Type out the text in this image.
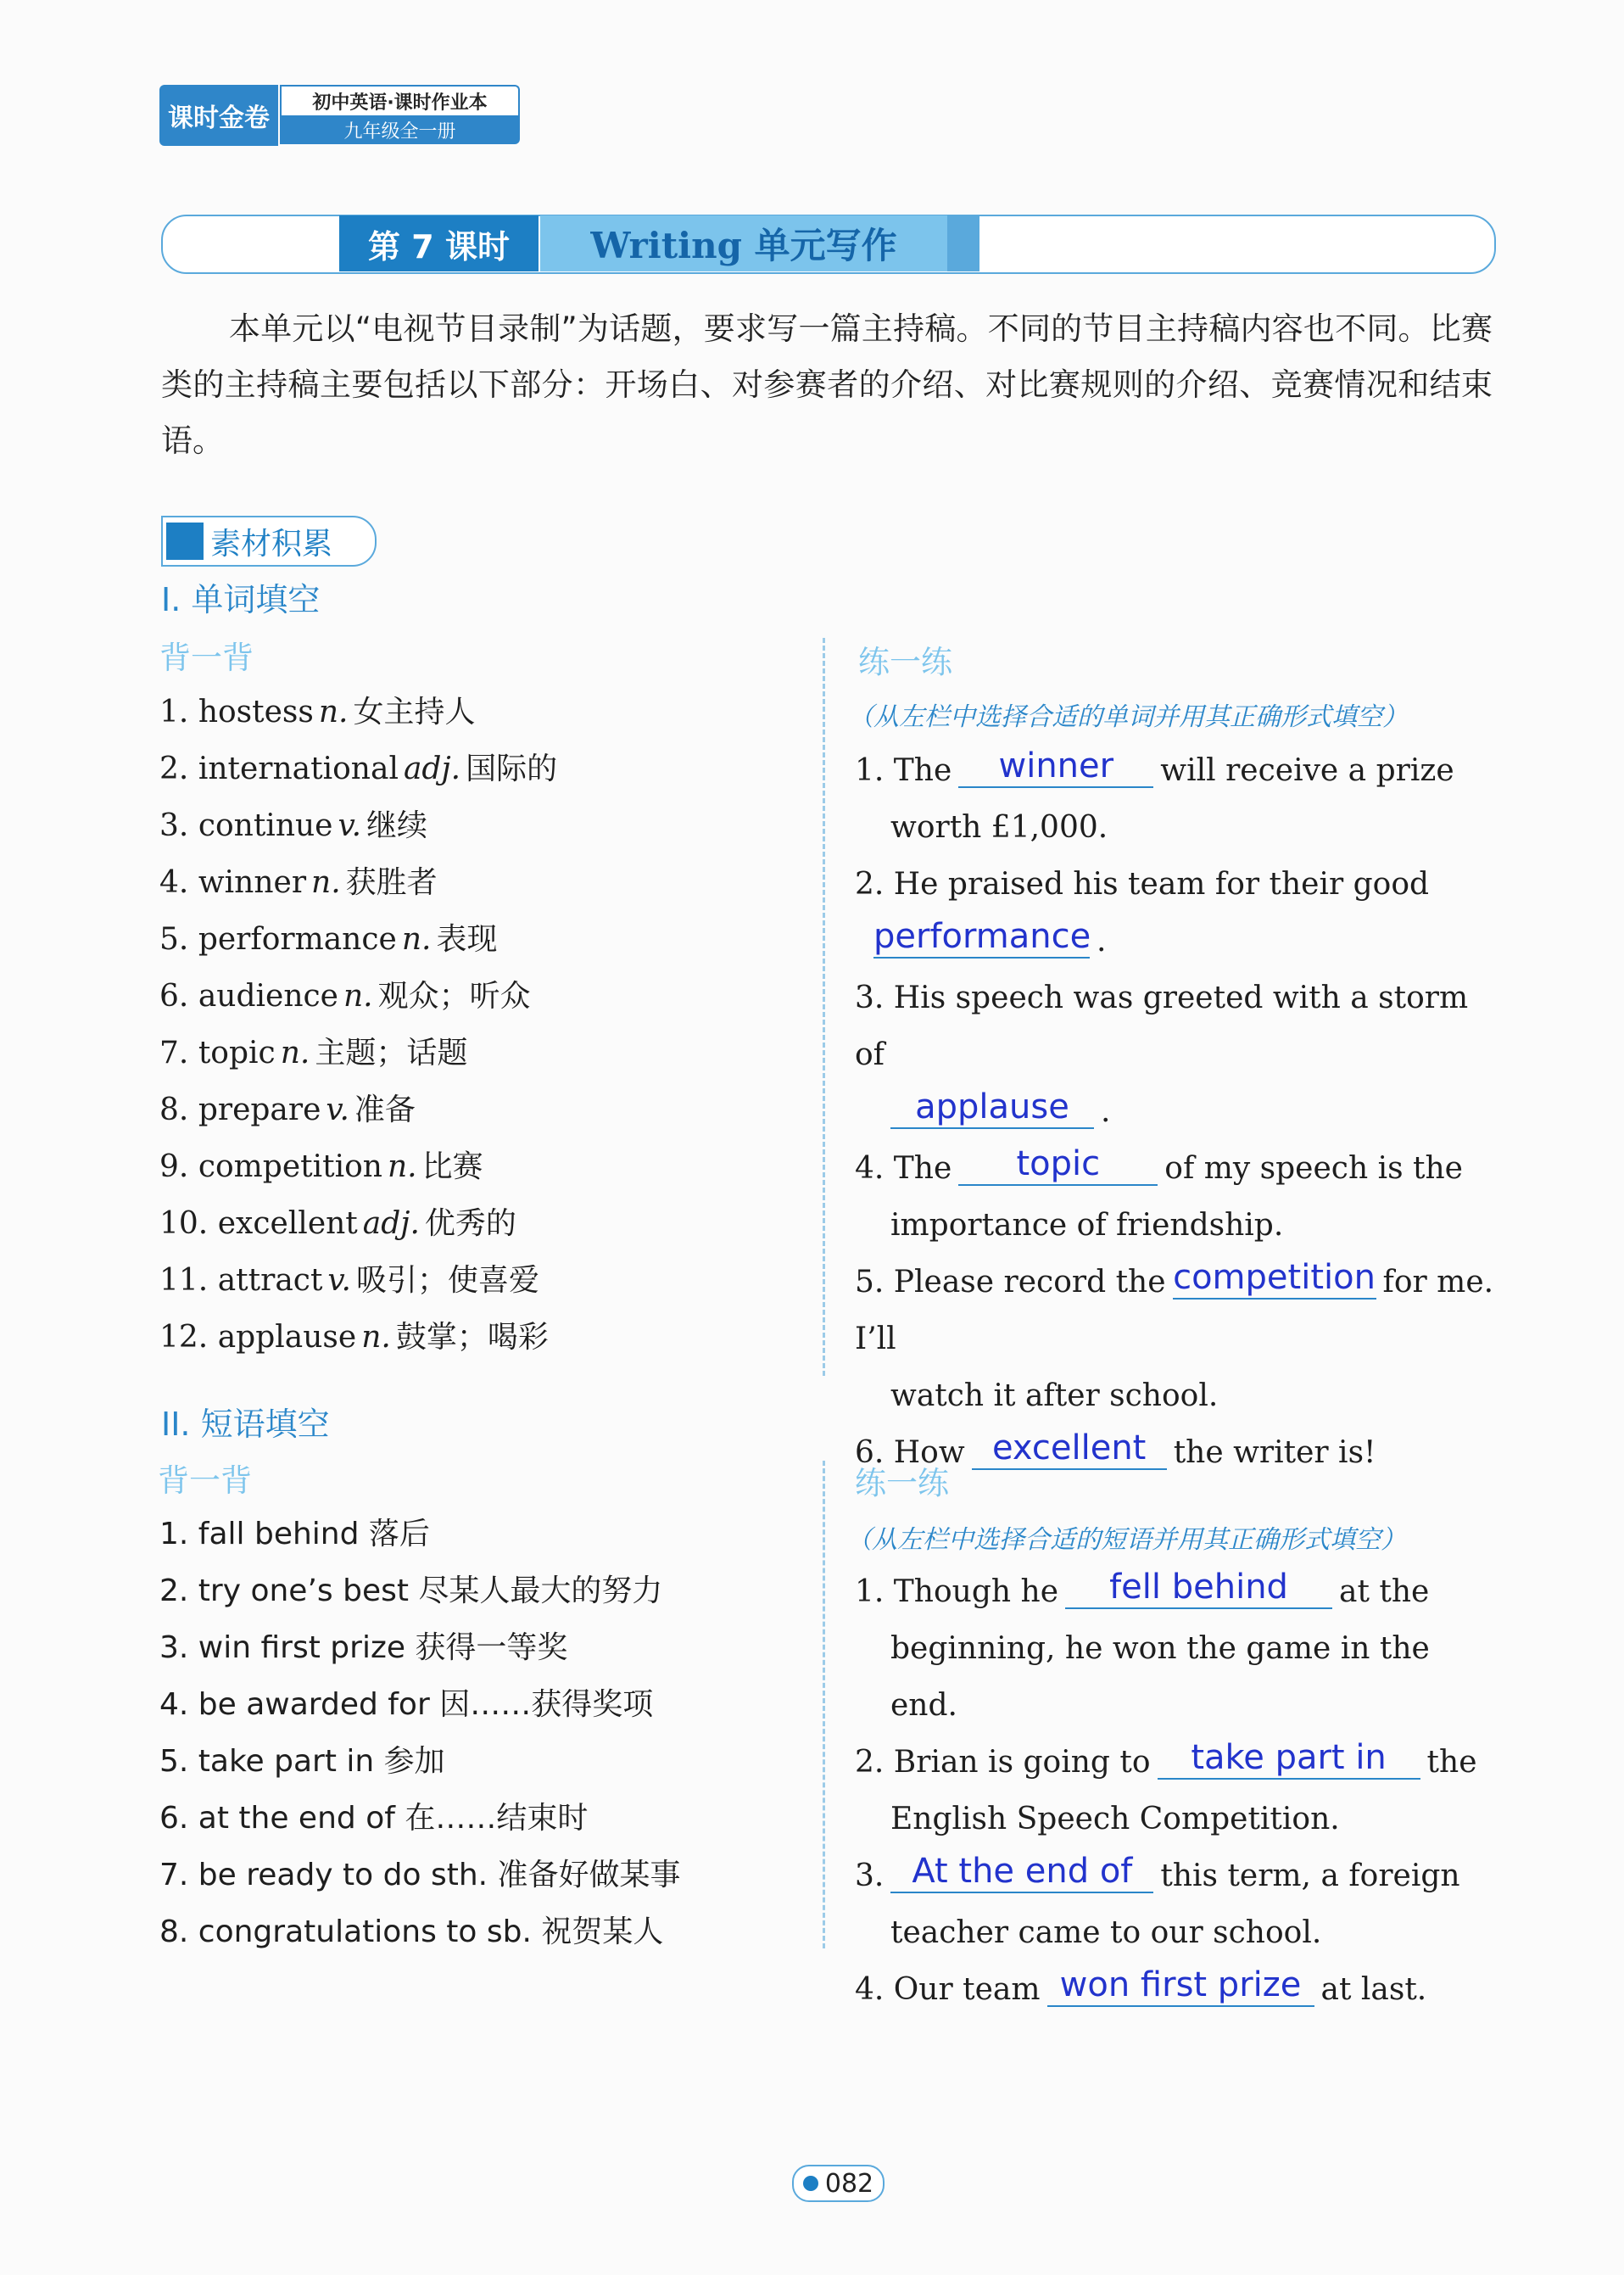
课时金卷
初中英语·课时作业本
九年级全一册
第 7 课时	Writing 单元写作
本单元以“电视节目录制”为话题，要求写一篇主持稿。不同的节目主持稿内容也不同。比赛类的主持稿主要包括以下部分：开场白、对参赛者的介绍、对比赛规则的介绍、竞赛情况和结束语。
素材积累
I. 单词填空
背一背	练一练
（从左栏中选择合适的单词并用其正确形式填空）
1. hostess n. 女主持人
2. international adj. 国际的
3. continue v. 继续
4. winner n. 获胜者
5. performance n. 表现
6. audience n. 观众；听众
7. topic n. 主题；话题
8. prepare v. 准备
9. competition n. 比赛
10. excellent adj. 优秀的
11. attract v. 吸引；使喜爱
12. applause n. 鼓掌；喝彩
1. The winner will receive a prize
worth £1,000.
2. He praised his team for their good
performance .
3. His speech was greeted with a storm of
applause .
4. The topic of my speech is the
importance of friendship.
5. Please record the competition for me. I’ll
watch it after school.
6. How excellent the writer is!
II. 短语填空
背一背	练一练
（从左栏中选择合适的短语并用其正确形式填空）
1. fall behind 落后
2. try one’s best 尽某人最大的努力
3. win first prize 获得一等奖
4. be awarded for 因……获得奖项
5. take part in 参加
6. at the end of 在……结束时
7. be ready to do sth. 准备好做某事
8. congratulations to sb. 祝贺某人
1. Though he fell behind at the
beginning, he won the game in the end.
2. Brian is going to take part in the
English Speech Competition.
3. At the end of this term, a foreign
teacher came to our school.
4. Our team won first prize at last.
082
